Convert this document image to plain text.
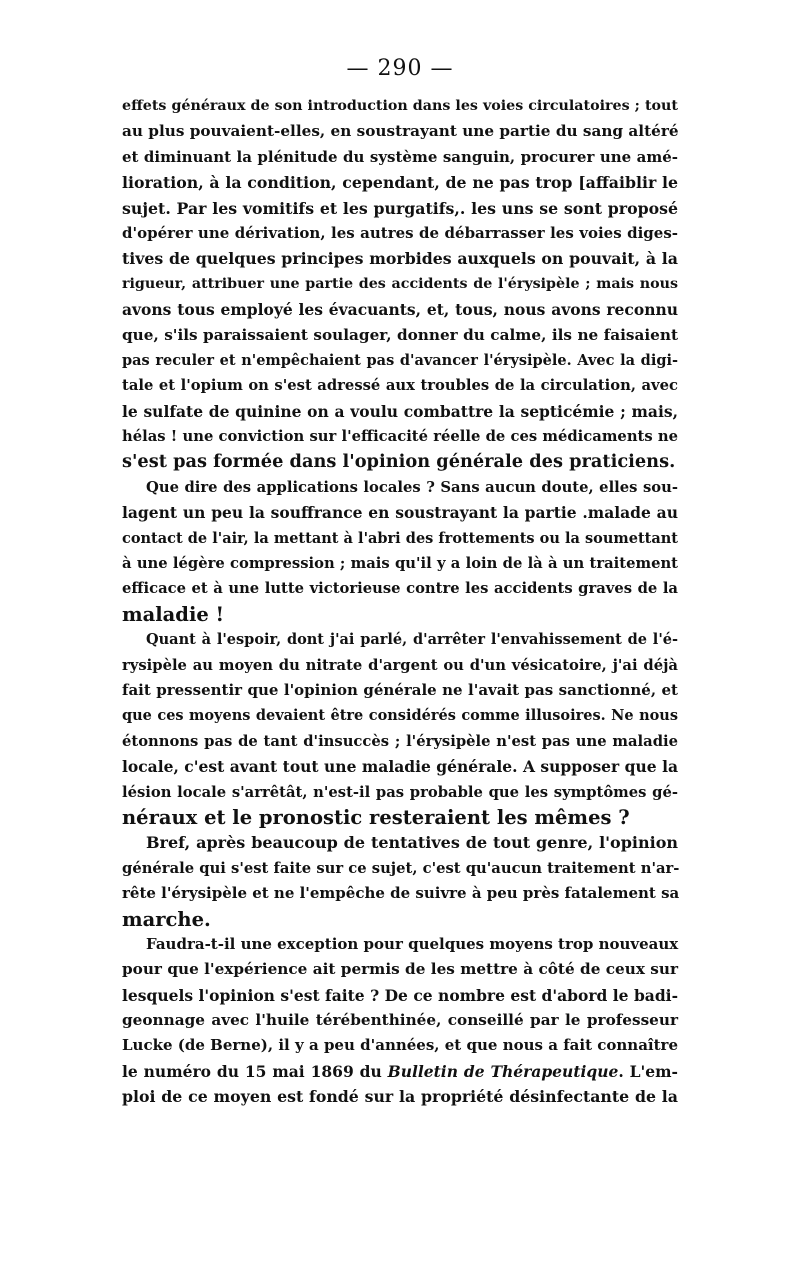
— 290 —
effets généraux de son introduction dans les voies circulatoires ; tout
au plus pouvaient-elles, en soustrayant une partie du sang altéré
et diminuant la plénitude du système sanguin, procurer une amé-
lioration, à la condition, cependant, de ne pas trop [affaiblir le
sujet. Par les vomitifs et les purgatifs,. les uns se sont proposé
d'opérer une dérivation, les autres de débarrasser les voies diges-
tives de quelques principes morbides auxquels on pouvait, à la
rigueur, attribuer une partie des accidents de l'érysipèle ; mais nous
avons tous employé les évacuants, et, tous, nous avons reconnu
que, s'ils paraissaient soulager, donner du calme, ils ne faisaient
pas reculer et n'empêchaient pas d'avancer l'érysipèle. Avec la digi-
tale et l'opium on s'est adressé aux troubles de la circulation, avec
le sulfate de quinine on a voulu combattre la septicémie ; mais,
hélas ! une conviction sur l'efficacité réelle de ces médicaments ne
s'est pas formée dans l'opinion générale des praticiens.
Que dire des applications locales ? Sans aucun doute, elles sou-
lagent un peu la souffrance en soustrayant la partie .malade au
contact de l'air, la mettant à l'abri des frottements ou la soumettant
à une légère compression ; mais qu'il y a loin de là à un traitement
efficace et à une lutte victorieuse contre les accidents graves de la
maladie !
Quant à l'espoir, dont j'ai parlé, d'arrêter l'envahissement de l'é-
rysipèle au moyen du nitrate d'argent ou d'un vésicatoire, j'ai déjà
fait pressentir que l'opinion générale ne l'avait pas sanctionné, et
que ces moyens devaient être considérés comme illusoires. Ne nous
étonnons pas de tant d'insuccès ; l'érysipèle n'est pas une maladie
locale, c'est avant tout une maladie générale. A supposer que la
lésion locale s'arrêtât, n'est-il pas probable que les symptômes gé-
néraux et le pronostic resteraient les mêmes ?
Bref, après beaucoup de tentatives de tout genre, l'opinion
générale qui s'est faite sur ce sujet, c'est qu'aucun traitement n'ar-
rête l'érysipèle et ne l'empêche de suivre à peu près fatalement sa
marche.
Faudra-t-il une exception pour quelques moyens trop nouveaux
pour que l'expérience ait permis de les mettre à côté de ceux sur
lesquels l'opinion s'est faite ? De ce nombre est d'abord le badi-
geonnage avec l'huile térébenthinée, conseillé par le professeur
Lucke (de Berne), il y a peu d'années, et que nous a fait connaître
le numéro du 15 mai 1869 du Bulletin de Thérapeutique. L'em-
ploi de ce moyen est fondé sur la propriété désinfectante de la
